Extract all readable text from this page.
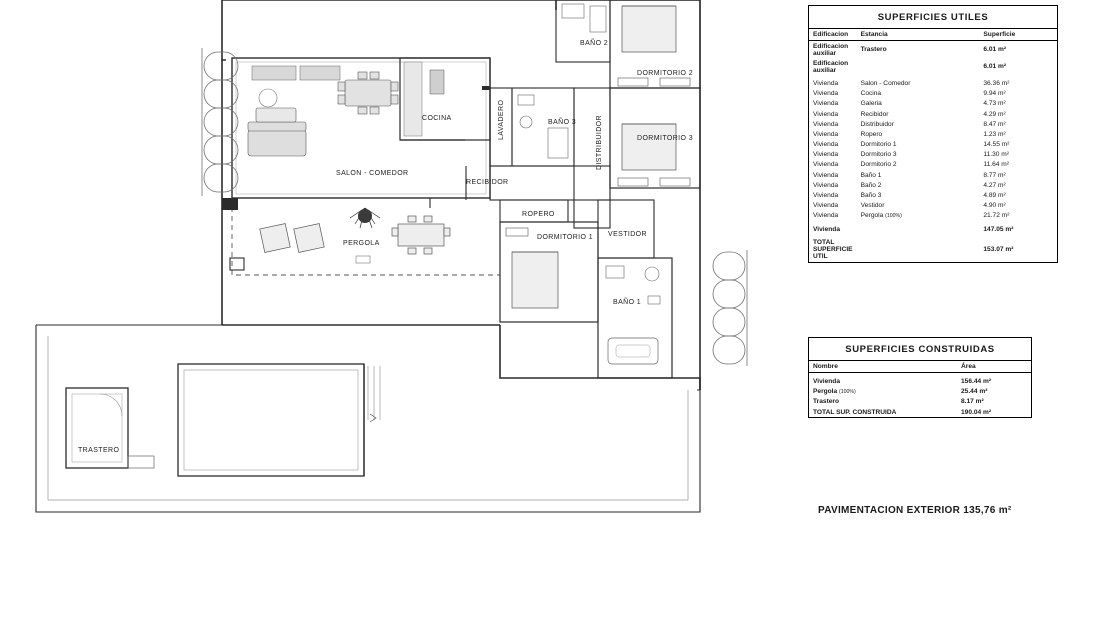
BAÑO 2
DORMITORIO 2
COCINA	LAVADERO	BAÑO 3	DISTRIBUIDOR	DORMITORIO 3
SALON - COMEDOR
RECIBIDOR
ROPERO
DORMITORIO 1 VESTIDOR
PERGOLA
BAÑO 1
TRASTERO
SUPERFICIES UTILES
Edificacion	Estancia	Superficie
Edificacion auxiliar	Trastero	6.01 m²
Edificacion auxiliar		6.01 m²

Vivienda	Salon - Comedor	36.36 m²
Vivienda	Cocina	9.94 m²
Vivienda	Galeria	4.73 m²
Vivienda	Recibidor	4.29 m²
Vivienda	Distribuidor	8.47 m²
Vivienda	Ropero	1.23 m²
Vivienda	Dormitorio 1	14.55 m²
Vivienda	Dormitorio 3	11.30 m²
Vivienda	Dormitorio 2	11.64 m²
Vivienda	Baño 1	8.77 m²
Vivienda	Baño 2	4.27 m²
Vivienda	Baño 3	4.89 m²
Vivienda	Vestidor	4.90 m²
Vivienda	Pergola (100%)	21.72 m²

Vivienda		147.05 m²

TOTAL SUPERFICIE UTIL		153.07 m²
SUPERFICIES CONSTRUIDAS
Nombre	Área

Vivienda	156.44 m²
Pergola (100%)	25.44 m²
Trastero	8.17 m²
TOTAL SUP. CONSTRUIDA	190.04 m²
PAVIMENTACION EXTERIOR 135,76 m²
